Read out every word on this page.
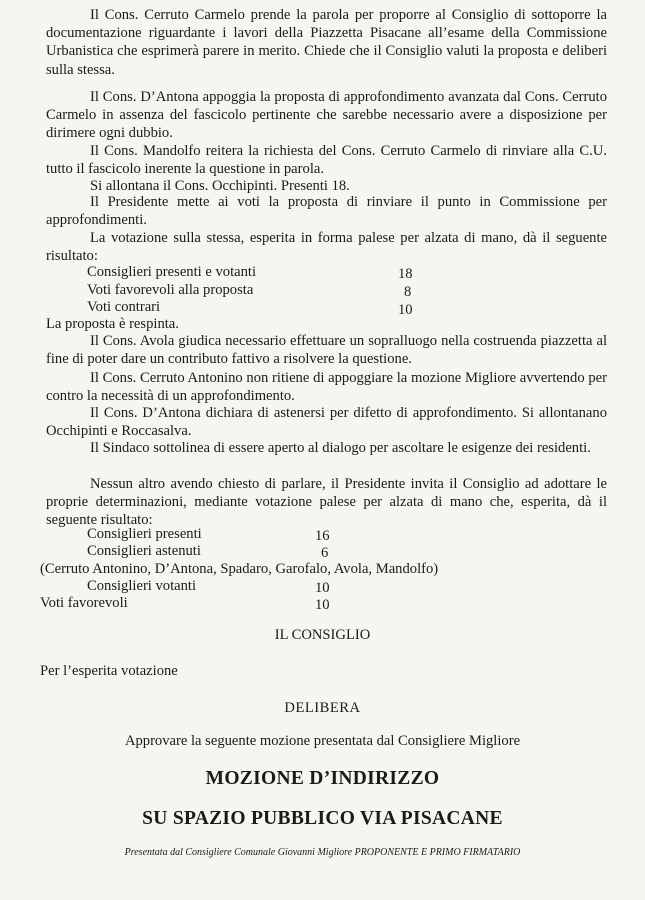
Il Cons. Cerruto Carmelo prende la parola per proporre al Consiglio di sottoporre la documentazione riguardante i lavori della Piazzetta Pisacane all’esame della Commissione Urbanistica che esprimerà parere in merito. Chiede che il Consiglio valuti la proposta e deliberi sulla stessa.

Il Cons. D’Antona appoggia la proposta di approfondimento avanzata dal Cons. Cerruto Carmelo in assenza del fascicolo pertinente che sarebbe necessario avere a disposizione per dirimere ogni dubbio.

Il Cons. Mandolfo reitera la richiesta del Cons. Cerruto Carmelo di rinviare alla C.U. tutto il fascicolo inerente la questione in parola.

Si allontana il Cons. Occhipinti. Presenti 18.

Il Presidente mette ai voti la proposta di rinviare il punto in Commissione per approfondimenti.

La votazione sulla stessa, esperita in forma palese per alzata di mano, dà il seguente risultato:

Consiglieri presenti e votanti	18
Voti favorevoli alla proposta	8
Voti contrari	10

La proposta è respinta.

Il Cons. Avola giudica necessario effettuare un sopralluogo nella costruenda piazzetta al fine di poter dare un contributo fattivo a risolvere la questione.

Il Cons. Cerruto Antonino non ritiene di appoggiare la mozione Migliore avvertendo per contro la necessità di un approfondimento.

Il Cons. D’Antona dichiara di astenersi per difetto di approfondimento. Si allontanano Occhipinti e Roccasalva.

Il Sindaco sottolinea di essere aperto al dialogo per ascoltare le esigenze dei residenti.

Nessun altro avendo chiesto di parlare, il Presidente invita il Consiglio ad adottare le proprie determinazioni, mediante votazione palese per alzata di mano che, esperita, dà il seguente risultato:

Consiglieri presenti	16
Consiglieri astenuti	6
(Cerruto Antonino, D’Antona, Spadaro, Garofalo, Avola, Mandolfo)
Consiglieri votanti	10
Voti favorevoli	10
IL CONSIGLIO
Per l’esperita votazione
DELIBERA
Approvare la seguente mozione presentata dal Consigliere Migliore
MOZIONE D’INDIRIZZO
SU SPAZIO PUBBLICO VIA PISACANE
Presentata dal Consigliere Comunale Giovanni Migliore PROPONENTE E PRIMO FIRMATARIO
